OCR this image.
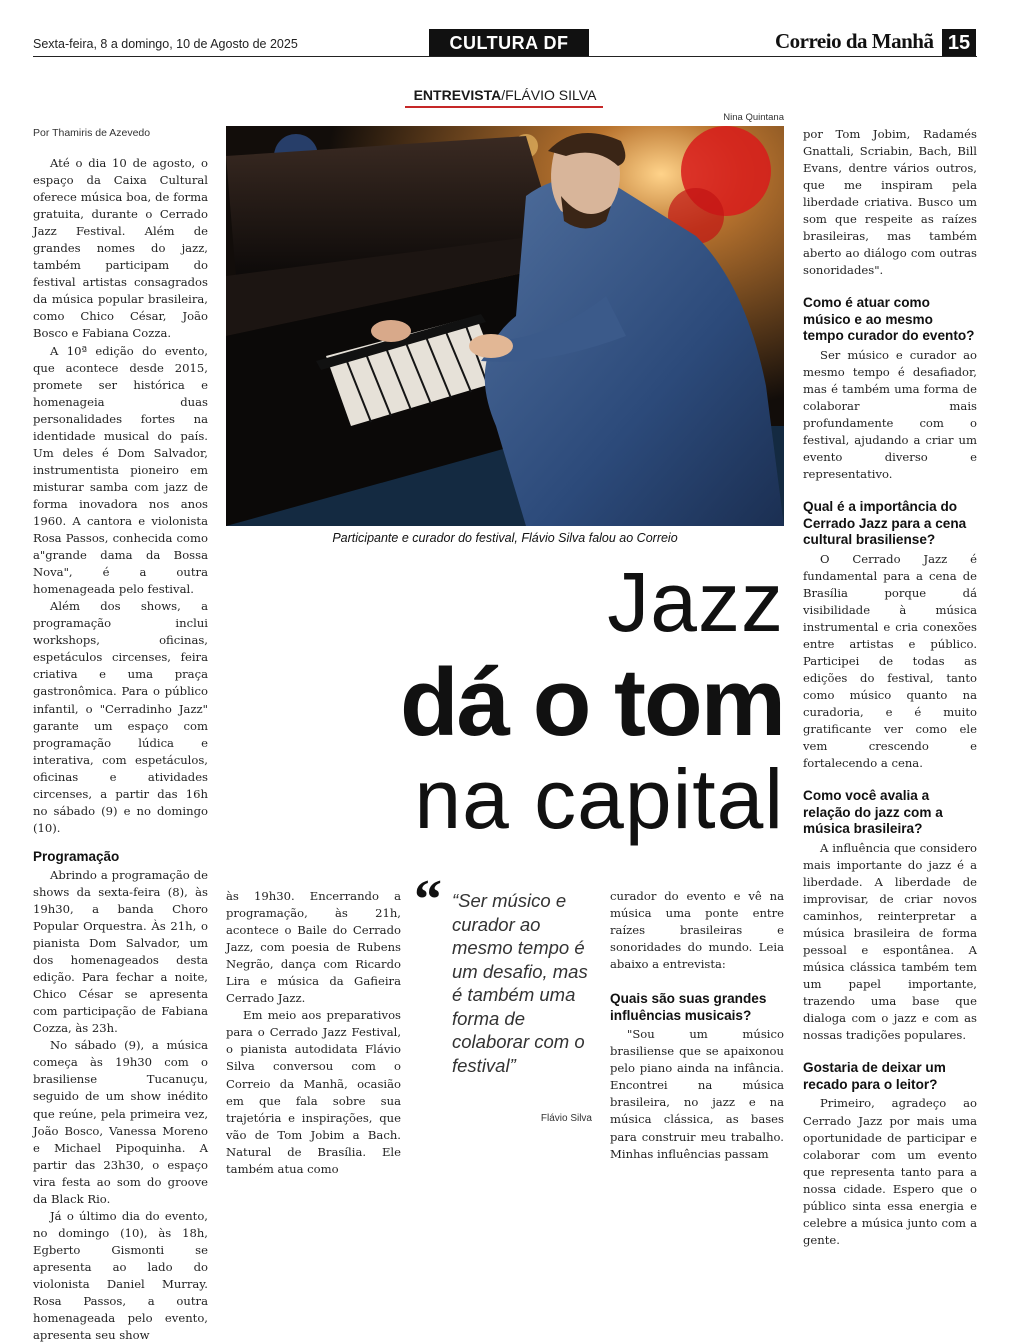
Sexta-feira, 8 a domingo, 10 de Agosto de 2025	CULTURA DF	Correio da Manhã 15
ENTREVISTA/FLÁVIO SILVA
Nina Quintana
Por Thamiris de Azevedo
Participante e curador do festival, Flávio Silva falou ao Correio
Jazz
dá o tom
na capital

Até o dia 10 de agosto, o espaço da Caixa Cultural oferece música boa, de forma gratuita, durante o Cerrado Jazz Festival. Além de grandes nomes do jazz, também participam do festival artistas consagrados da música popular brasileira, como Chico César, João Bosco e Fabiana Cozza.

A 10ª edição do evento, que acontece desde 2015, promete ser histórica e homenageia duas personalidades fortes na identidade musical do país. Um deles é Dom Salvador, instrumentista pioneiro em misturar samba com jazz de forma inovadora nos anos 1960. A cantora e violonista Rosa Passos, conhecida como a"grande dama da Bossa Nova", é a outra homenageada pelo festival.

Além dos shows, a programação inclui workshops, oficinas, espetáculos circenses, feira criativa e uma praça gastronômica. Para o público infantil, o "Cerradinho Jazz" garante um espaço com programação lúdica e interativa, com espetáculos, oficinas e atividades circenses, a partir das 16h no sábado (9) e no domingo (10).

Programação

Abrindo a programação de shows da sexta-feira (8), às 19h30, a banda Choro Popular Orquestra. Às 21h, o pianista Dom Salvador, um dos homenageados desta edição. Para fechar a noite, Chico César se apresenta com participação de Fabiana Cozza, às 23h.

No sábado (9), a música começa às 19h30 com o brasiliense Tucanuçu, seguido de um show inédito que reúne, pela primeira vez, João Bosco, Vanessa Moreno e Michael Pipoquinha. A partir das 23h30, o espaço vira festa ao som do groove da Black Rio.

Já o último dia do evento, no domingo (10), às 18h, Egberto Gismonti se apresenta ao lado do violonista Daniel Murray. Rosa Passos, a outra homenageada pelo evento, apresenta seu show

às 19h30. Encerrando a programação, às 21h, acontece o Baile do Cerrado Jazz, com poesia de Rubens Negrão, dança com Ricardo Lira e música da Gafieira Cerrado Jazz.

Em meio aos preparativos para o Cerrado Jazz Festival, o pianista autodidata Flávio Silva conversou com o Correio da Manhã, ocasião em que fala sobre sua trajetória e inspirações, que vão de Tom Jobim a Bach. Natural de Brasília. Ele também atua como

“ “Ser músico e curador ao mesmo tempo é um desafio, mas é também uma forma de colaborar com o festival”
Flávio Silva

curador do evento e vê na música uma ponte entre raízes brasileiras e sonoridades do mundo. Leia abaixo a entrevista:

Quais são suas grandes influências musicais?

"Sou um músico brasiliense que se apaixonou pelo piano ainda na infância. Encontrei na música brasileira, no jazz e na música clássica, as bases para construir meu trabalho. Minhas influências passam

por Tom Jobim, Radamés Gnattali, Scriabin, Bach, Bill Evans, dentre vários outros, que me inspiram pela liberdade criativa. Busco um som que respeite as raízes brasileiras, mas também aberto ao diálogo com outras sonoridades".

Como é atuar como músico e ao mesmo tempo curador do evento?

Ser músico e curador ao mesmo tempo é desafiador, mas é também uma forma de colaborar mais profundamente com o festival, ajudando a criar um evento diverso e representativo.

Qual é a importância do Cerrado Jazz para a cena cultural brasiliense?

O Cerrado Jazz é fundamental para a cena de Brasília porque dá visibilidade à música instrumental e cria conexões entre artistas e público. Participei de todas as edições do festival, tanto como músico quanto na curadoria, e é muito gratificante ver como ele vem crescendo e fortalecendo a cena.

Como você avalia a relação do jazz com a música brasileira?

A influência que considero mais importante do jazz é a liberdade. A liberdade de improvisar, de criar novos caminhos, reinterpretar a música brasileira de forma pessoal e espontânea. A música clássica também tem um papel importante, trazendo uma base que dialoga com o jazz e com as nossas tradições populares.

Gostaria de deixar um recado para o leitor?

Primeiro, agradeço ao Cerrado Jazz por mais uma oportunidade de participar e colaborar com um evento que representa tanto para a nossa cidade. Espero que o público sinta essa energia e celebre a música junto com a gente.
